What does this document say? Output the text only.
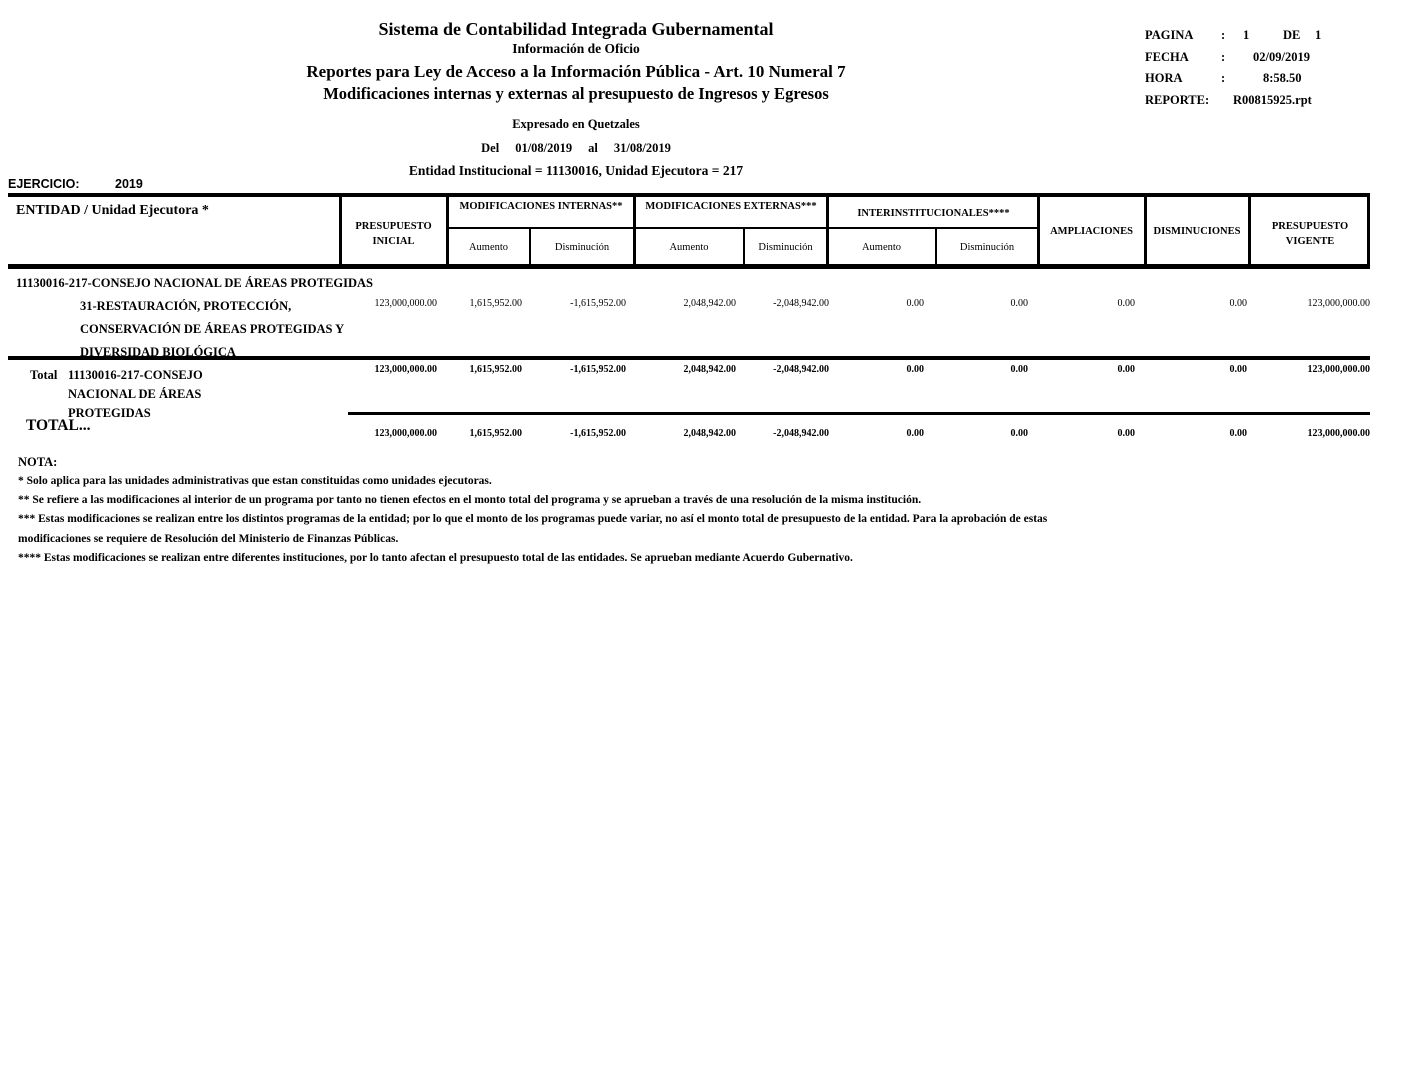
Sistema de Contabilidad Integrada Gubernamental
Información de Oficio
Reportes para Ley de Acceso a la Información Pública - Art. 10 Numeral 7
Modificaciones internas y externas al presupuesto de Ingresos y Egresos
Expresado en Quetzales
Del 01/08/2019 al 31/08/2019
Entidad Institucional = 11130016, Unidad Ejecutora = 217
PAGINA	:	1	DE	1
FECHA	:	02/09/2019
HORA	:	8:58.50
REPORTE:	R00815925.rpt
EJERCICIO:	2019
ENTIDAD / Unidad Ejecutora *
PRESUPUESTO INICIAL
MODIFICACIONES INTERNAS**
Aumento	Disminución
MODIFICACIONES EXTERNAS***
Aumento	Disminución
INTERINSTITUCIONALES****
Aumento	Disminución
AMPLIACIONES	DISMINUCIONES	PRESUPUESTO VIGENTE
11130016-217-CONSEJO NACIONAL DE ÁREAS PROTEGIDAS
31-RESTAURACIÓN, PROTECCIÓN,
CONSERVACIÓN DE ÁREAS PROTEGIDAS Y
DIVERSIDAD BIOLÓGICA
123,000,000.00	1,615,952.00	-1,615,952.00	2,048,942.00	-2,048,942.00	0.00	0.00	0.00	0.00	123,000,000.00
Total 11130016-217-CONSEJO
NACIONAL DE ÁREAS
PROTEGIDAS
123,000,000.00	1,615,952.00	-1,615,952.00	2,048,942.00	-2,048,942.00	0.00	0.00	0.00	0.00	123,000,000.00
TOTAL...	123,000,000.00	1,615,952.00	-1,615,952.00	2,048,942.00	-2,048,942.00	0.00	0.00	0.00	0.00	123,000,000.00
NOTA:
* Solo aplica para las unidades administrativas que estan constituidas como unidades ejecutoras.
** Se refiere a las modificaciones al interior de un programa por tanto no tienen efectos en el monto total del programa y se aprueban a través de una resolución de la misma institución.
*** Estas modificaciones se realizan entre los distintos programas de la entidad; por lo que el monto de los programas puede variar, no así el monto total de presupuesto de la entidad. Para la aprobación de estas
modificaciones se requiere de Resolución del Ministerio de Finanzas Públicas.
**** Estas modificaciones se realizan entre diferentes instituciones, por lo tanto afectan el presupuesto total de las entidades. Se aprueban mediante Acuerdo Gubernativo.
